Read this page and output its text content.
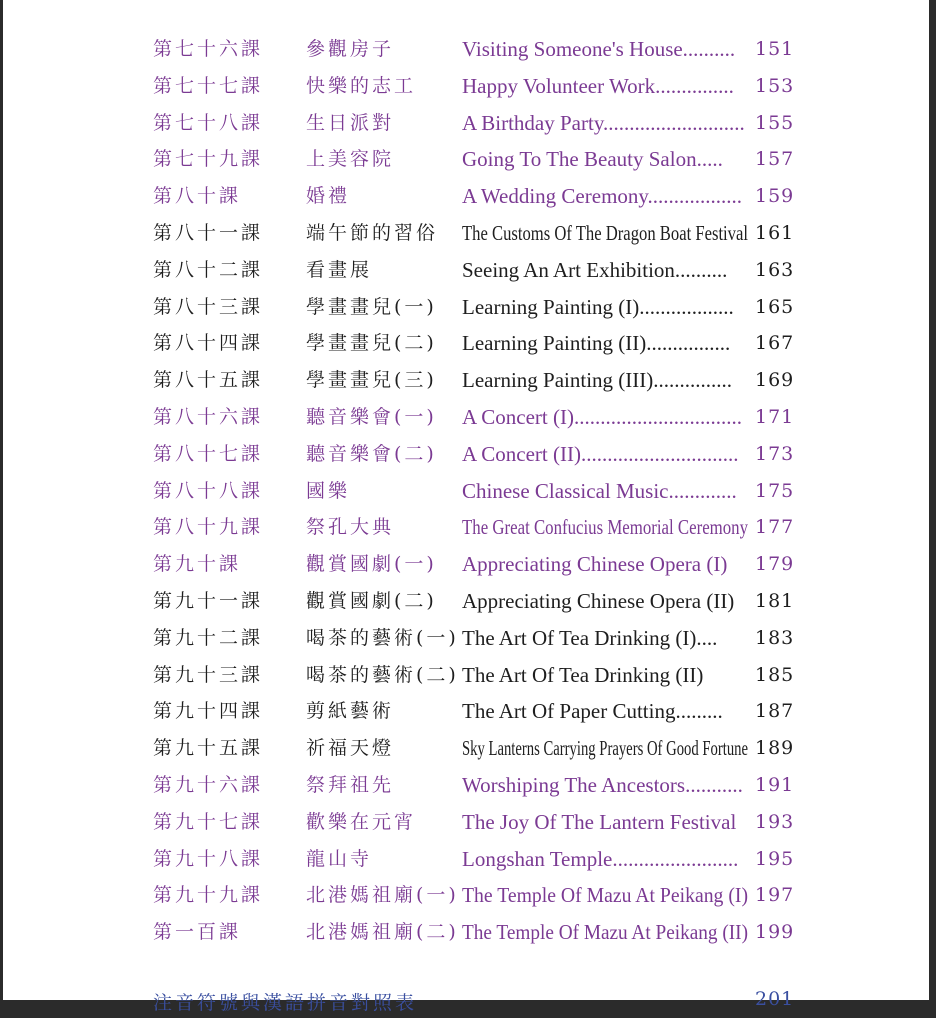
第七十六課 參觀房子	Visiting Someone's House..........	151
第七十七課 快樂的志工 Happy Volunteer Work...............	153
第七十八課 生日派對	A Birthday Party........................... 155
第七十九課 上美容院	Going To The Beauty Salon.....	157
第八十課	婚禮	A Wedding Ceremony.................. 159
第八十一課 端午節的習俗 The Customs Of The Dragon Boat Festival 161
第八十二課 看畫展	Seeing An Art Exhibition..........	163
第八十三課 學畫畫兒(一) Learning Painting (I)..................	165
第八十四課 學畫畫兒(二) Learning Painting (II)................	167
第八十五課 學畫畫兒(三) Learning Painting (III)...............	169
第八十六課 聽音樂會(一) A Concert (I)................................ 171
第八十七課 聽音樂會(二) A Concert (II).............................. 173
第八十八課 國樂	Chinese Classical Music............. 175
第八十九課 祭孔大典	The Great Confucius Memorial Ceremony 177
第九十課	觀賞國劇(一) Appreciating Chinese Opera (I)	179
第九十一課 觀賞國劇(二) Appreciating Chinese Opera (II)	181
第九十二課 喝茶的藝術(一) The Art Of Tea Drinking (I)....	183
第九十三課 喝茶的藝術(二) The Art Of Tea Drinking (II)	185
第九十四課 剪紙藝術	The Art Of Paper Cutting.........	187
第九十五課 祈福天燈	Sky Lanterns Carrying Prayers Of Good Fortune 189
第九十六課 祭拜祖先	Worshiping The Ancestors........... 191
第九十七課 歡樂在元宵 The Joy Of The Lantern Festival 193
第九十八課 龍山寺	Longshan Temple........................ 195
第九十九課 北港媽祖廟(一) The Temple Of Mazu At Peikang (I) 197
第一百課	北港媽祖廟(二) The Temple Of Mazu At Peikang (II) 199
注音符號與漢語拼音對照表	201
